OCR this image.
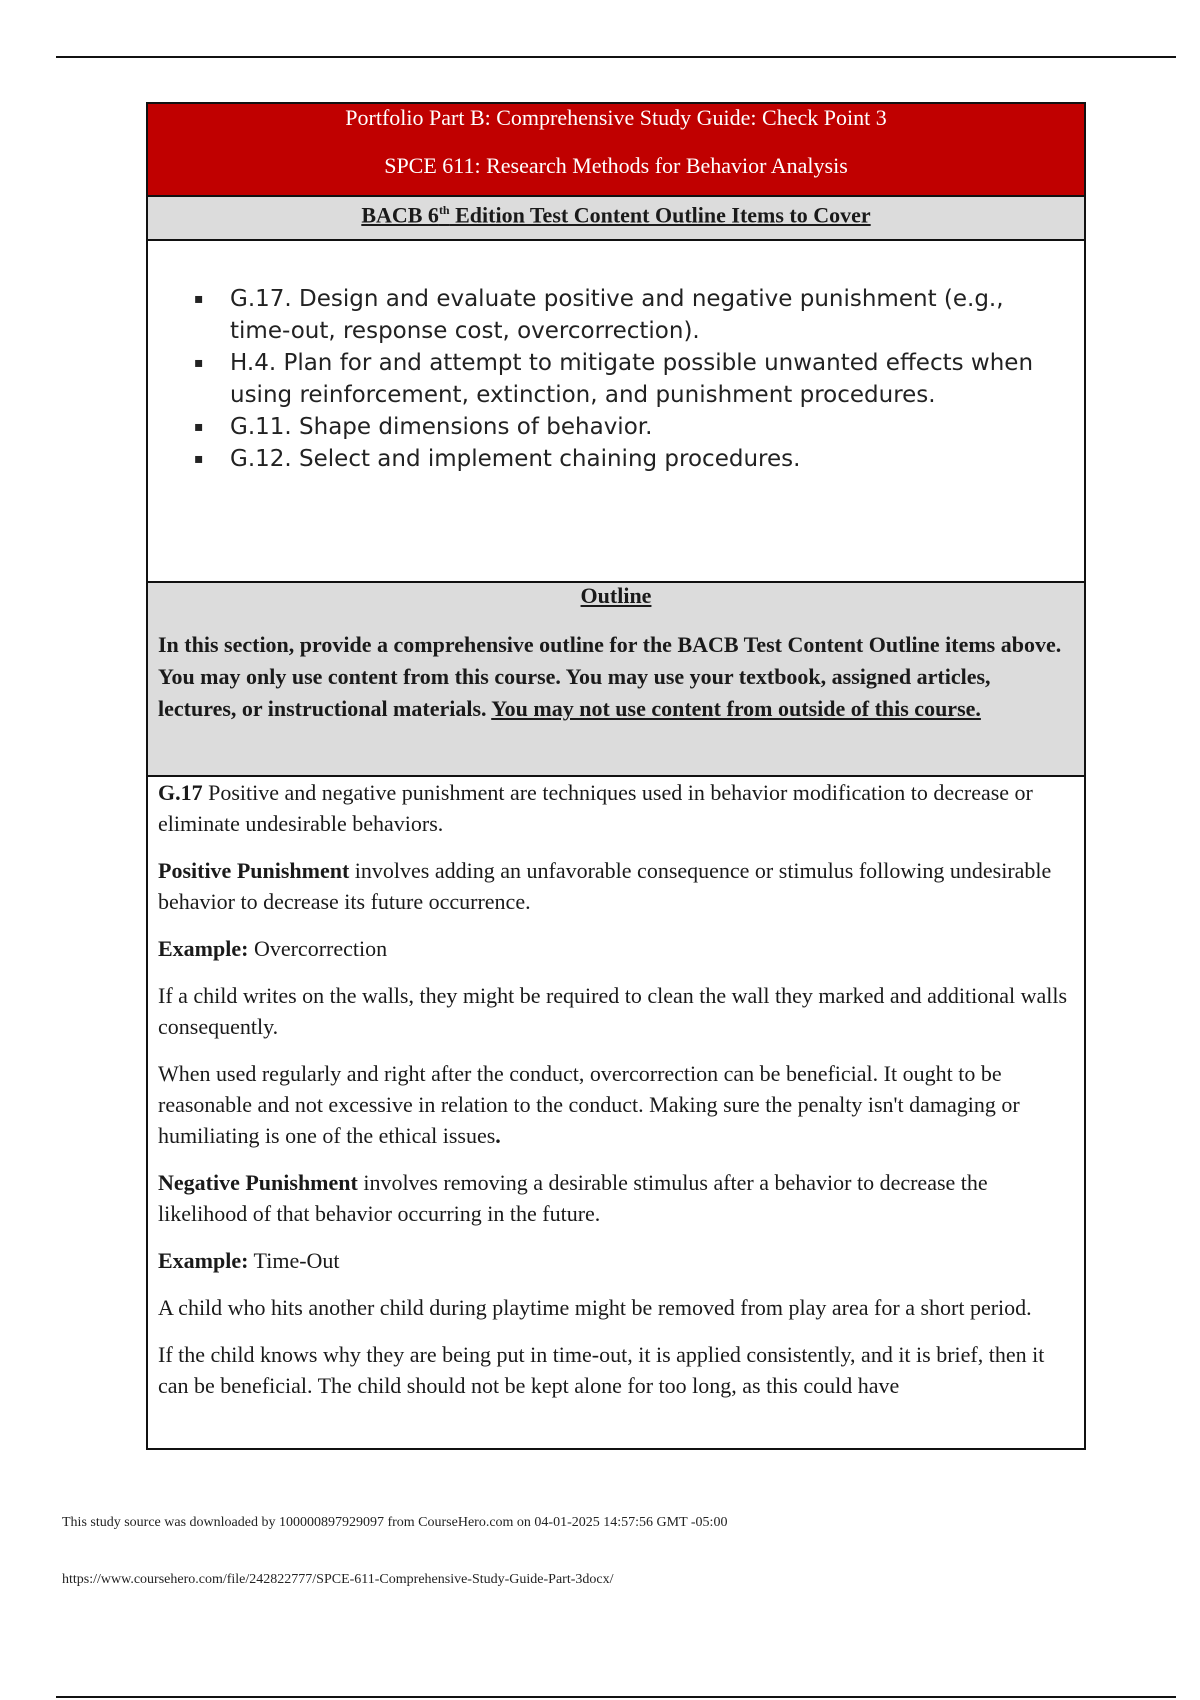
Portfolio Part B: Comprehensive Study Guide: Check Point 3
SPCE 611: Research Methods for Behavior Analysis
BACB 6th Edition Test Content Outline Items to Cover
▪ G.17. Design and evaluate positive and negative punishment (e.g., time-out, response cost, overcorrection).
▪ H.4. Plan for and attempt to mitigate possible unwanted effects when using reinforcement, extinction, and punishment procedures.
▪ G.11. Shape dimensions of behavior.
▪ G.12. Select and implement chaining procedures.
Outline

In this section, provide a comprehensive outline for the BACB Test Content Outline items above. You may only use content from this course. You may use your textbook, assigned articles, lectures, or instructional materials. You may not use content from outside of this course.

G.17 Positive and negative punishment are techniques used in behavior modification to decrease or eliminate undesirable behaviors.

Positive Punishment involves adding an unfavorable consequence or stimulus following undesirable behavior to decrease its future occurrence.

Example: Overcorrection

If a child writes on the walls, they might be required to clean the wall they marked and additional walls consequently.

When used regularly and right after the conduct, overcorrection can be beneficial. It ought to be reasonable and not excessive in relation to the conduct. Making sure the penalty isn't damaging or humiliating is one of the ethical issues.

Negative Punishment involves removing a desirable stimulus after a behavior to decrease the likelihood of that behavior occurring in the future.

Example: Time-Out

A child who hits another child during playtime might be removed from play area for a short period.

If the child knows why they are being put in time-out, it is applied consistently, and it is brief, then it can be beneficial. The child should not be kept alone for too long, as this could have

This study source was downloaded by 100000897929097 from CourseHero.com on 04-01-2025 14:57:56 GMT -05:00
https://www.coursehero.com/file/242822777/SPCE-611-Comprehensive-Study-Guide-Part-3docx/
